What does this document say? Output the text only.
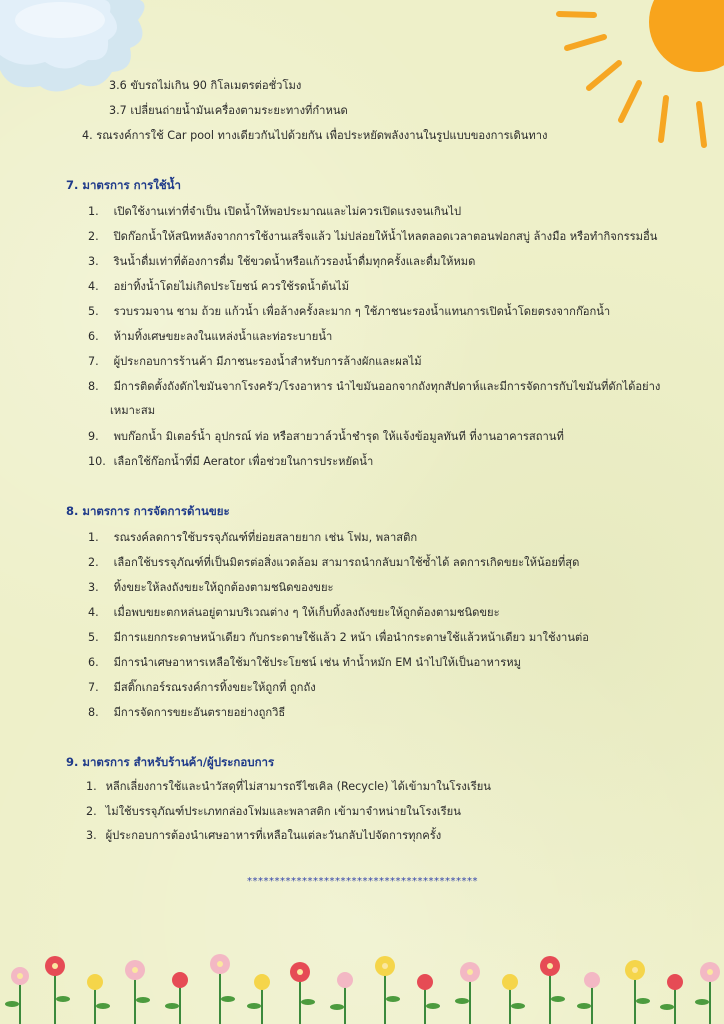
3.6 ขับรถไม่เกิน 90 กิโลเมตรต่อชั่วโมง
3.7 เปลี่ยนถ่ายน้ำมันเครื่องตามระยะทางที่กำหนด
4. รณรงค์การใช้ Car pool ทางเดียวกันไปด้วยกัน เพื่อประหยัดพลังงานในรูปแบบของการเดินทาง
7. มาตรการ การใช้น้ำ
1. เปิดใช้งานเท่าที่จำเป็น เปิดน้ำให้พอประมาณและไม่ควรเปิดแรงจนเกินไป
2. ปิดก๊อกน้ำให้สนิทหลังจากการใช้งานเสร็จแล้ว ไม่ปล่อยให้น้ำไหลตลอดเวลาตอนฟอกสบู่ ล้างมือ หรือทำกิจกรรมอื่น
3. รินน้ำดื่มเท่าที่ต้องการดื่ม ใช้ขวดน้ำหรือแก้วรองน้ำดื่มทุกครั้งและดื่มให้หมด
4. อย่าทิ้งน้ำโดยไม่เกิดประโยชน์ ควรใช้รดน้ำต้นไม้
5. รวบรวมจาน ชาม ถ้วย แก้วน้ำ เพื่อล้างครั้งละมาก ๆ ใช้ภาชนะรองน้ำแทนการเปิดน้ำโดยตรงจากก๊อกน้ำ
6. ห้ามทิ้งเศษขยะลงในแหล่งน้ำและท่อระบายน้ำ
7. ผู้ประกอบการร้านค้า มีภาชนะรองน้ำสำหรับการล้างผักและผลไม้
8. มีการติดตั้งถังดักไขมันจากโรงครัว/โรงอาหาร นำไขมันออกจากถังทุกสัปดาห์และมีการจัดการกับไขมันที่ดักได้อย่าง
เหมาะสม
9. พบก๊อกน้ำ มิเตอร์น้ำ อุปกรณ์ ท่อ หรือสายวาล์วน้ำชำรุด ให้แจ้งข้อมูลทันที ที่งานอาคารสถานที่
10. เลือกใช้ก๊อกน้ำที่มี Aerator เพื่อช่วยในการประหยัดน้ำ
8. มาตรการ การจัดการด้านขยะ
1. รณรงค์ลดการใช้บรรจุภัณฑ์ที่ย่อยสลายยาก เช่น โฟม, พลาสติก
2. เลือกใช้บรรจุภัณฑ์ที่เป็นมิตรต่อสิ่งแวดล้อม สามารถนำกลับมาใช้ซ้ำได้ ลดการเกิดขยะให้น้อยที่สุด
3. ทิ้งขยะให้ลงถังขยะให้ถูกต้องตามชนิดของขยะ
4. เมื่อพบขยะตกหล่นอยู่ตามบริเวณต่าง ๆ ให้เก็บทิ้งลงถังขยะให้ถูกต้องตามชนิดขยะ
5. มีการแยกกระดาษหน้าเดียว กับกระดาษใช้แล้ว 2 หน้า เพื่อนำกระดาษใช้แล้วหน้าเดียว มาใช้งานต่อ
6. มีการนำเศษอาหารเหลือใช้มาใช้ประโยชน์ เช่น ทำน้ำหมัก EM นำไปให้เป็นอาหารหมู
7. มีสติ๊กเกอร์รณรงค์การทิ้งขยะให้ถูกที่ ถูกถัง
8. มีการจัดการขยะอันตรายอย่างถูกวิธี
9. มาตรการ สำหรับร้านค้า/ผู้ประกอบการ
1. หลีกเลี่ยงการใช้และนำวัสดุที่ไม่สามารถรีไซเคิล (Recycle) ได้เข้ามาในโรงเรียน
2. ไม่ใช้บรรจุภัณฑ์ประเภทกล่องโฟมและพลาสติก เข้ามาจำหน่ายในโรงเรียน
3. ผู้ประกอบการต้องนำเศษอาหารที่เหลือในแต่ละวันกลับไปจัดการทุกครั้ง
******************************************
